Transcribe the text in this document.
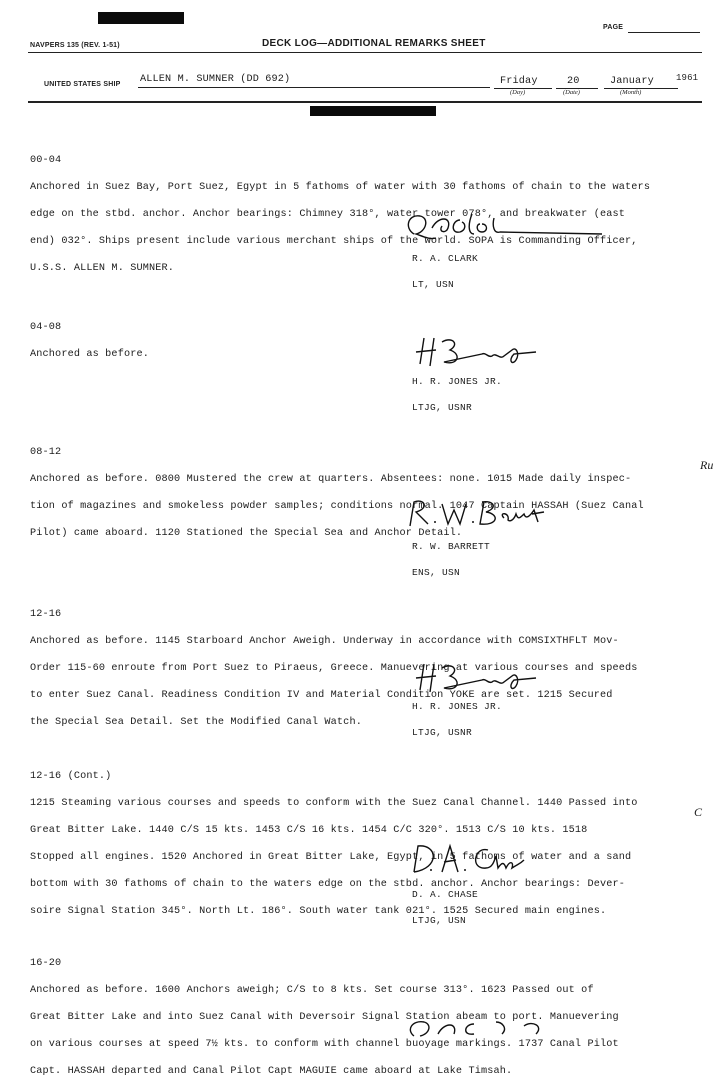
PAGE
NAVPERS 135 (REV. 1-51)	DECK LOG—ADDITIONAL REMARKS SHEET
UNITED STATES SHIP ALLEN M. SUMNER (DD 692)	Friday
(Day)
20
(Date)
January
(Month)
1961

00-04

Anchored in Suez Bay, Port Suez, Egypt in 5 fathoms of water with 30 fathoms of chain to the waters

edge on the stbd. anchor. Anchor bearings: Chimney 318°, water tower 078°, and breakwater (east

end) 032°. Ships present include various merchant ships of the world. SOPA is Commanding Officer,

U.S.S. ALLEN M. SUMNER.

R. A. CLARK

LT, USN

04-08

Anchored as before.

H. R. JONES JR.

LTJG, USNR

08-12

Anchored as before. 0800 Mustered the crew at quarters. Absentees: none. 1015 Made daily inspec-

tion of magazines and smokeless powder samples; conditions normal. 1047 Captain HASSAH (Suez Canal

Pilot) came aboard. 1120 Stationed the Special Sea and Anchor Detail.

Ru

R. W. BARRETT

ENS, USN

12-16

Anchored as before. 1145 Starboard Anchor Aweigh. Underway in accordance with COMSIXTHFLT Mov-

Order 115-60 enroute from Port Suez to Piraeus, Greece. Manuevering at various courses and speeds

to enter Suez Canal. Readiness Condition IV and Material Condition YOKE are set. 1215 Secured

the Special Sea Detail. Set the Modified Canal Watch.

H. R. JONES JR.

LTJG, USNR

12-16 (Cont.)

1215 Steaming various courses and speeds to conform with the Suez Canal Channel. 1440 Passed into

Great Bitter Lake. 1440 C/S 15 kts. 1453 C/S 16 kts. 1454 C/C 320°. 1513 C/S 10 kts. 1518

Stopped all engines. 1520 Anchored in Great Bitter Lake, Egypt, in 5 fathoms of water and a sand

bottom with 30 fathoms of chain to the waters edge on the stbd. anchor. Anchor bearings: Dever-

soire Signal Station 345°. North Lt. 186°. South water tank 021°. 1525 Secured main engines.

C

D. A. CHASE

LTJG, USN

16-20

Anchored as before. 1600 Anchors aweigh; C/S to 8 kts. Set course 313°. 1623 Passed out of

Great Bitter Lake and into Suez Canal with Deversoir Signal Station abeam to port. Manuevering

on various courses at speed 7½ kts. to conform with channel buoyage markings. 1737 Canal Pilot

Capt. HASSAH departed and Canal Pilot Capt MAGUIE came aboard at Lake Timsah.
